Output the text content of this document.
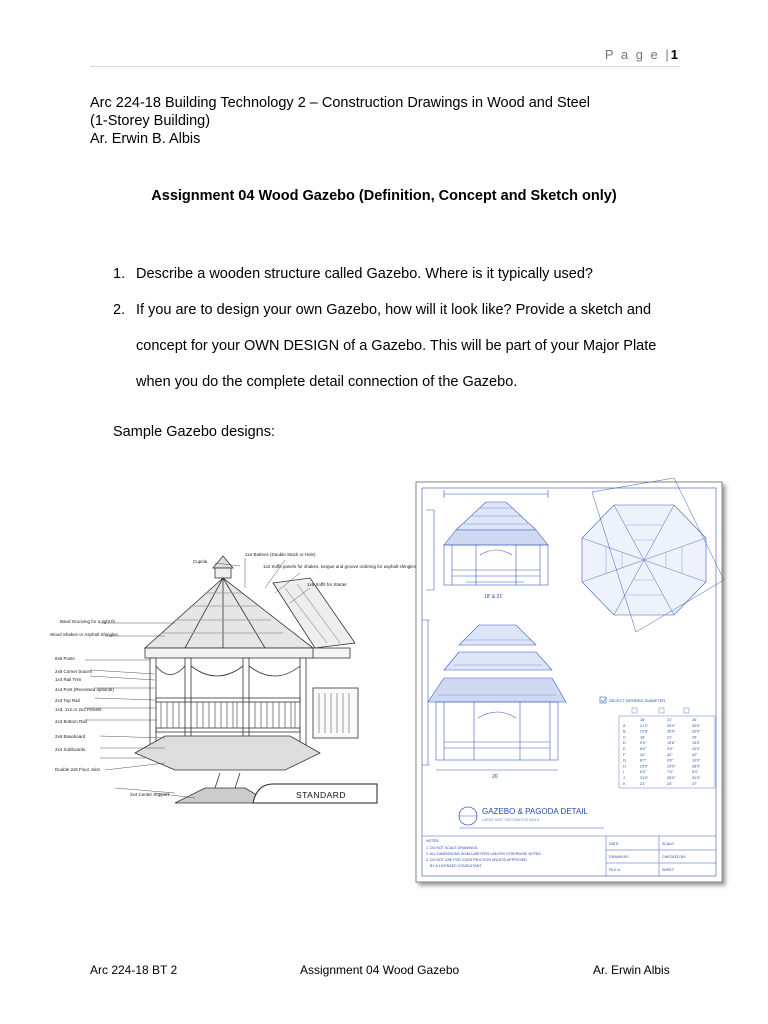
P a g e |1
Arc 224-18 Building Technology 2 – Construction Drawings in Wood and Steel
(1-Storey Building)
Ar. Erwin B. Albis
Assignment 04 Wood Gazebo (Definition, Concept and Sketch only)
1. Describe a wooden structure called Gazebo. Where is it typically used?
2. If you are to design your own Gazebo, how will it look like? Provide a sketch and
concept for your OWN DESIGN of a Gazebo. This will be part of your Major Plate
when you do the complete detail connection of the Gazebo.
Sample Gazebo designs:
Cupola
1x4 Battens (Double Stack or Hole)
1x2 Soffit panels for shakes, tongue and groove ordering for asphalt shingles
1x6 Soffit for Starter
Band Grooving for a tight fit
Wood Shakes or Asphalt Shingles
6x6 Posts
2x8 Corner braces
1x4 Rail Trim
4x4 Post (Recessed optional)
2x3 Top Rail
1x3, 1x2 or 2x2 Pickets
2x3 Bottom Rail
2x6 Baseboard
2x4 Subboards
Double 2x6 Floor Joist
2x4 Center Support	STANDARD
18' & 21'
26'
SELECT DESIRED DIAMETER
18'	21'	26'
A	21'2"	25'0"	30'6"
B	22'8"	26'0"	32'0"
C	18'	21'	26'
D	9'0"	10'6"	13'0"
E	8'0"	9'0"	10'0"
F	42"	42"	42"
G	8'7"	9'0"	10'0"
H	20'0"	23'0"	28'0"
I	6'0"	7'0"	8'0"
J	21'0"	25'0"	31'0"
K	21'	24'	27'
GAZEBO & PAGODA DETAIL
LARGE SIZE / DECORATIVE RAILS
NOTES:
1. DO NOT SCALE DRAWINGS.
2. ALL DIMENSIONS IN MILLIMETERS UNLESS OTHERWISE NOTED.
3. DO NOT USE FOR CONSTRUCTION UNLESS APPROVED
BY A LICENSED CONSULTANT.
DATE:	SCALE:
DRAWN BY:	CHECKED BY:
FILE #:	SHEET:
Arc 224-18 BT 2	Assignment 04 Wood Gazebo	Ar. Erwin Albis
